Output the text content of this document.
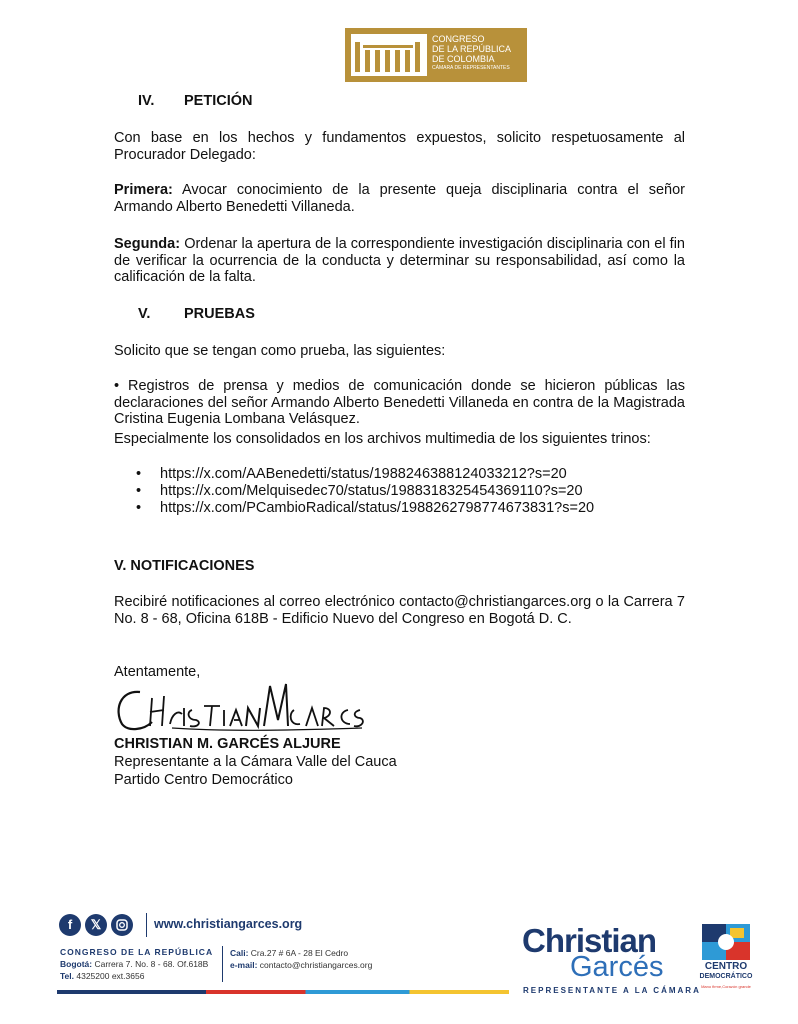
CONGRESO
DE LA REPÚBLICA
DE COLOMBIA
CÁMARA DE REPRESENTANTES
IV. PETICIÓN
Con base en los hechos y fundamentos expuestos, solicito respetuosamente al Procurador Delegado:
Primera: Avocar conocimiento de la presente queja disciplinaria contra el señor Armando Alberto Benedetti Villaneda.
Segunda: Ordenar la apertura de la correspondiente investigación disciplinaria con el fin de verificar la ocurrencia de la conducta y determinar su responsabilidad, así como la calificación de la falta.
V. PRUEBAS
Solicito que se tengan como prueba, las siguientes:
• Registros de prensa y medios de comunicación donde se hicieron públicas las declaraciones del señor Armando Alberto Benedetti Villaneda en contra de la Magistrada Cristina Eugenia Lombana Velásquez.
Especialmente los consolidados en los archivos multimedia de los siguientes trinos:
• https://x.com/AABenedetti/status/1988246388124033212?s=20
• https://x.com/Melquisedec70/status/1988318325454369110?s=20
• https://x.com/PCambioRadical/status/1988262798774673831?s=20
V. NOTIFICACIONES
Recibiré notificaciones al correo electrónico contacto@christiangarces.org o la Carrera 7 No. 8 - 68, Oficina 618B - Edificio Nuevo del Congreso en Bogotá D. C.
Atentamente,
CHRISTIAN M. GARCÉS ALJURE
Representante a la Cámara Valle del Cauca
Partido Centro Democrático
f	𝕏	www.christiangarces.org
CONGRESO DE LA REPÚBLICA
Bogotá: Carrera 7. No. 8 - 68. Of.618B
Tel. 4325200 ext.3656
Cali: Cra.27 # 6A - 28 El Cedro
e-mail: contacto@christiangarces.org
Christian
Garcés
REPRESENTANTE A LA CÁMARA
CENTRO
DEMOCRÁTICO
Mano firme,Corazón grande
